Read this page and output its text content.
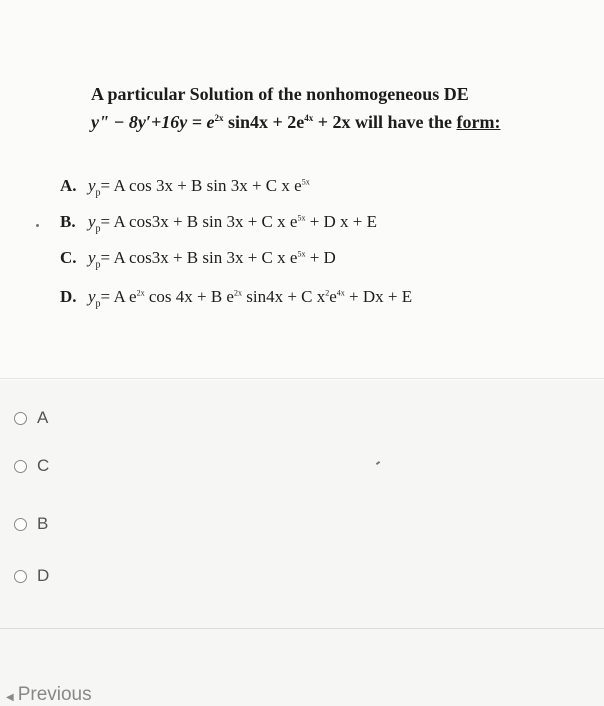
A particular Solution of the nonhomogeneous DE
y" − $8y'+16y = e^{2x}$ $\sin 4x + 2e^{4x} + 2x$ will have the form:
A. $y_p= A$ cos 3x + B sin 3x + C x $e^{5x}$
B. $y_p= A$ cos3x + B sin 3x + C x $e^{5x} + D$ x + E
C. $y_p= A$ cos3x + B sin 3x + C x $e^{5x} + D$
D. $y_p= A$ $e^{2x}$ cos 4x + B $e^{2x}$ sin4x + C $x^2e^{4x} + Dx + E$
A
C
B
D
◀ Previous
